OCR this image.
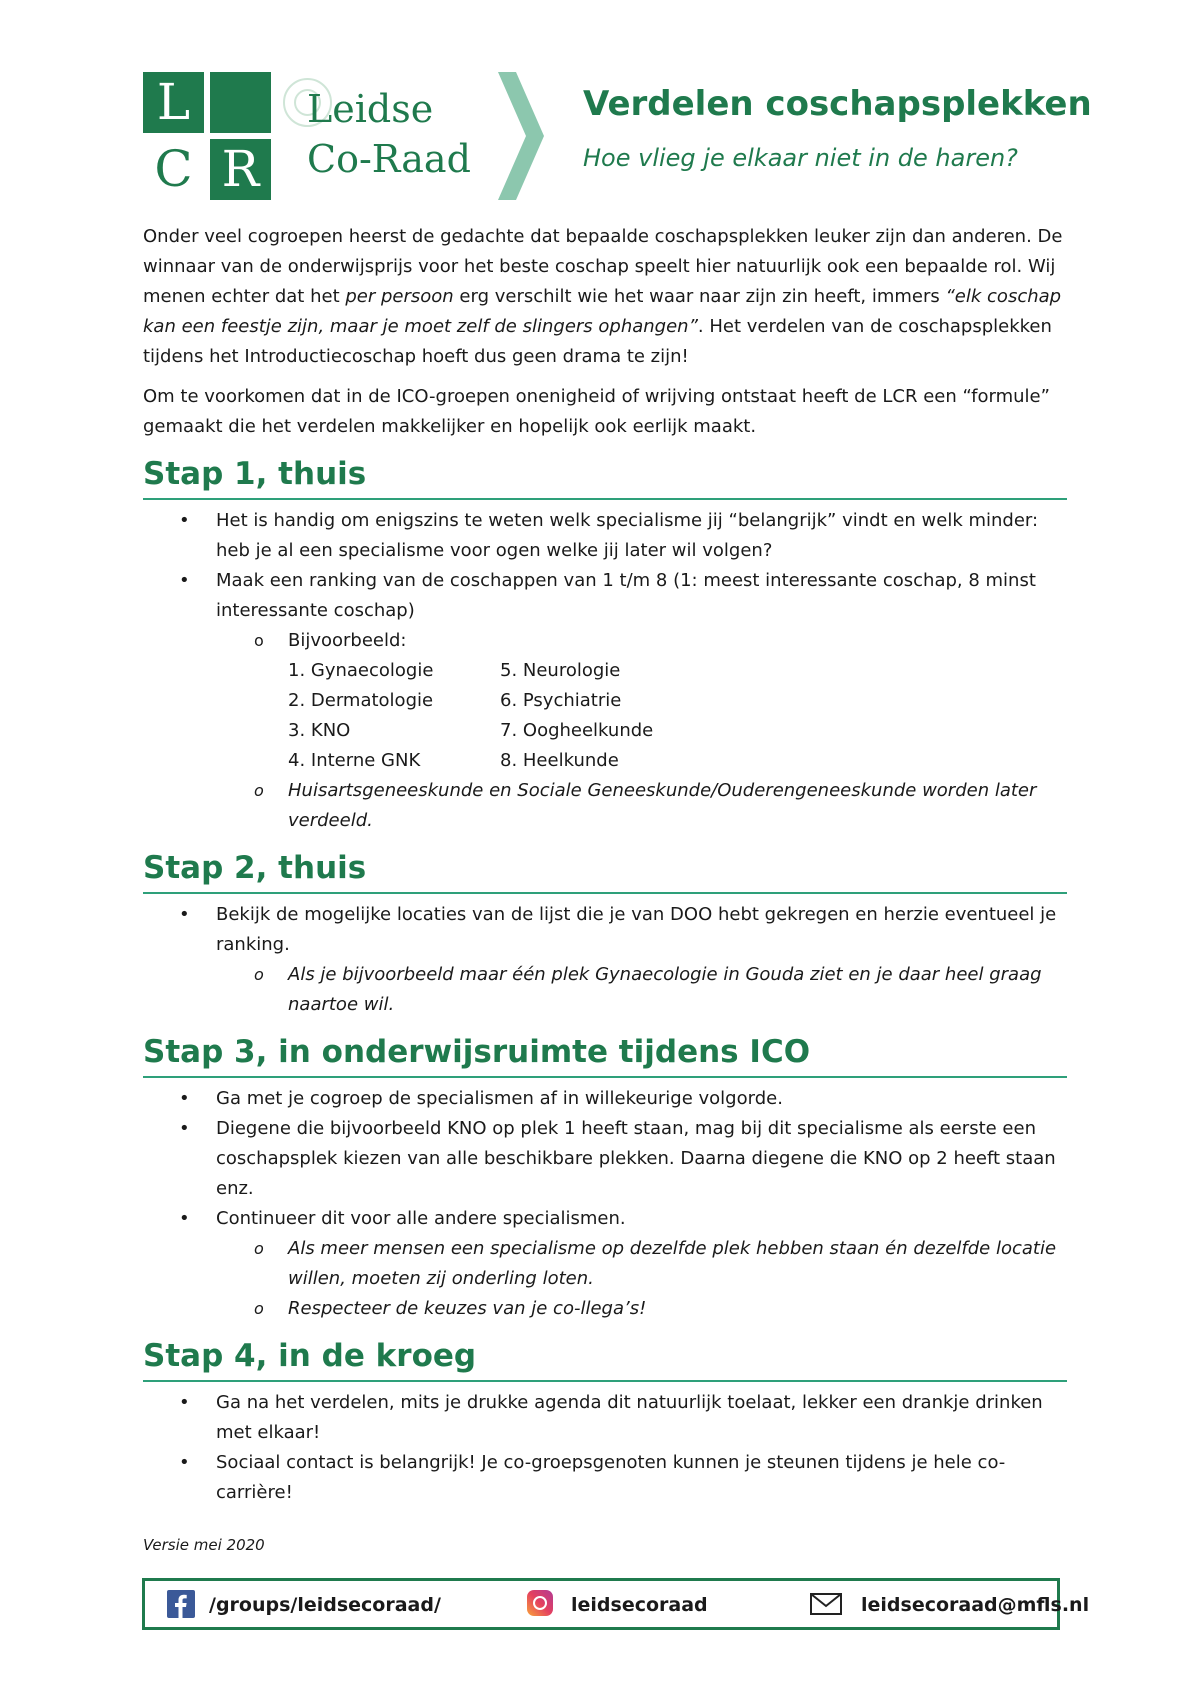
L
C R
Leidse
Co-Raad
Verdelen coschapsplekken
Hoe vlieg je elkaar niet in de haren?

Onder veel cogroepen heerst de gedachte dat bepaalde coschapsplekken leuker zijn dan anderen. De winnaar van de onderwijsprijs voor het beste coschap speelt hier natuurlijk ook een bepaalde rol. Wij menen echter dat het per persoon erg verschilt wie het waar naar zijn zin heeft, immers “elk coschap kan een feestje zijn, maar je moet zelf de slingers ophangen”. Het verdelen van de coschapsplekken tijdens het Introductiecoschap hoeft dus geen drama te zijn!

Om te voorkomen dat in de ICO-groepen onenigheid of wrijving ontstaat heeft de LCR een “formule” gemaakt die het verdelen makkelijker en hopelijk ook eerlijk maakt.

Stap 1, thuis
• Het is handig om enigszins te weten welk specialisme jij “belangrijk” vindt en welk minder: heb je al een specialisme voor ogen welke jij later wil volgen?
• Maak een ranking van de coschappen van 1 t/m 8 (1: meest interessante coschap, 8 minst interessante coschap)
o Bijvoorbeeld:
1. Gynaecologie	5. Neurologie
2. Dermatologie	6. Psychiatrie
3. KNO	7. Oogheelkunde
4. Interne GNK	8. Heelkunde
o Huisartsgeneeskunde en Sociale Geneeskunde/Ouderengeneeskunde worden later verdeeld.
Stap 2, thuis
• Bekijk de mogelijke locaties van de lijst die je van DOO hebt gekregen en herzie eventueel je ranking.
o Als je bijvoorbeeld maar één plek Gynaecologie in Gouda ziet en je daar heel graag naartoe wil.
Stap 3, in onderwijsruimte tijdens ICO
• Ga met je cogroep de specialismen af in willekeurige volgorde.
• Diegene die bijvoorbeeld KNO op plek 1 heeft staan, mag bij dit specialisme als eerste een coschapsplek kiezen van alle beschikbare plekken. Daarna diegene die KNO op 2 heeft staan enz.
• Continueer dit voor alle andere specialismen.
o Als meer mensen een specialisme op dezelfde plek hebben staan én dezelfde locatie willen, moeten zij onderling loten.
o Respecteer de keuzes van je co-llega’s!
Stap 4, in de kroeg
• Ga na het verdelen, mits je drukke agenda dit natuurlijk toelaat, lekker een drankje drinken met elkaar!
• Sociaal contact is belangrijk! Je co-groepsgenoten kunnen je steunen tijdens je hele co-carrière!
Versie mei 2020
/groups/leidsecoraad/	leidsecoraad	leidsecoraad@mfls.nl
